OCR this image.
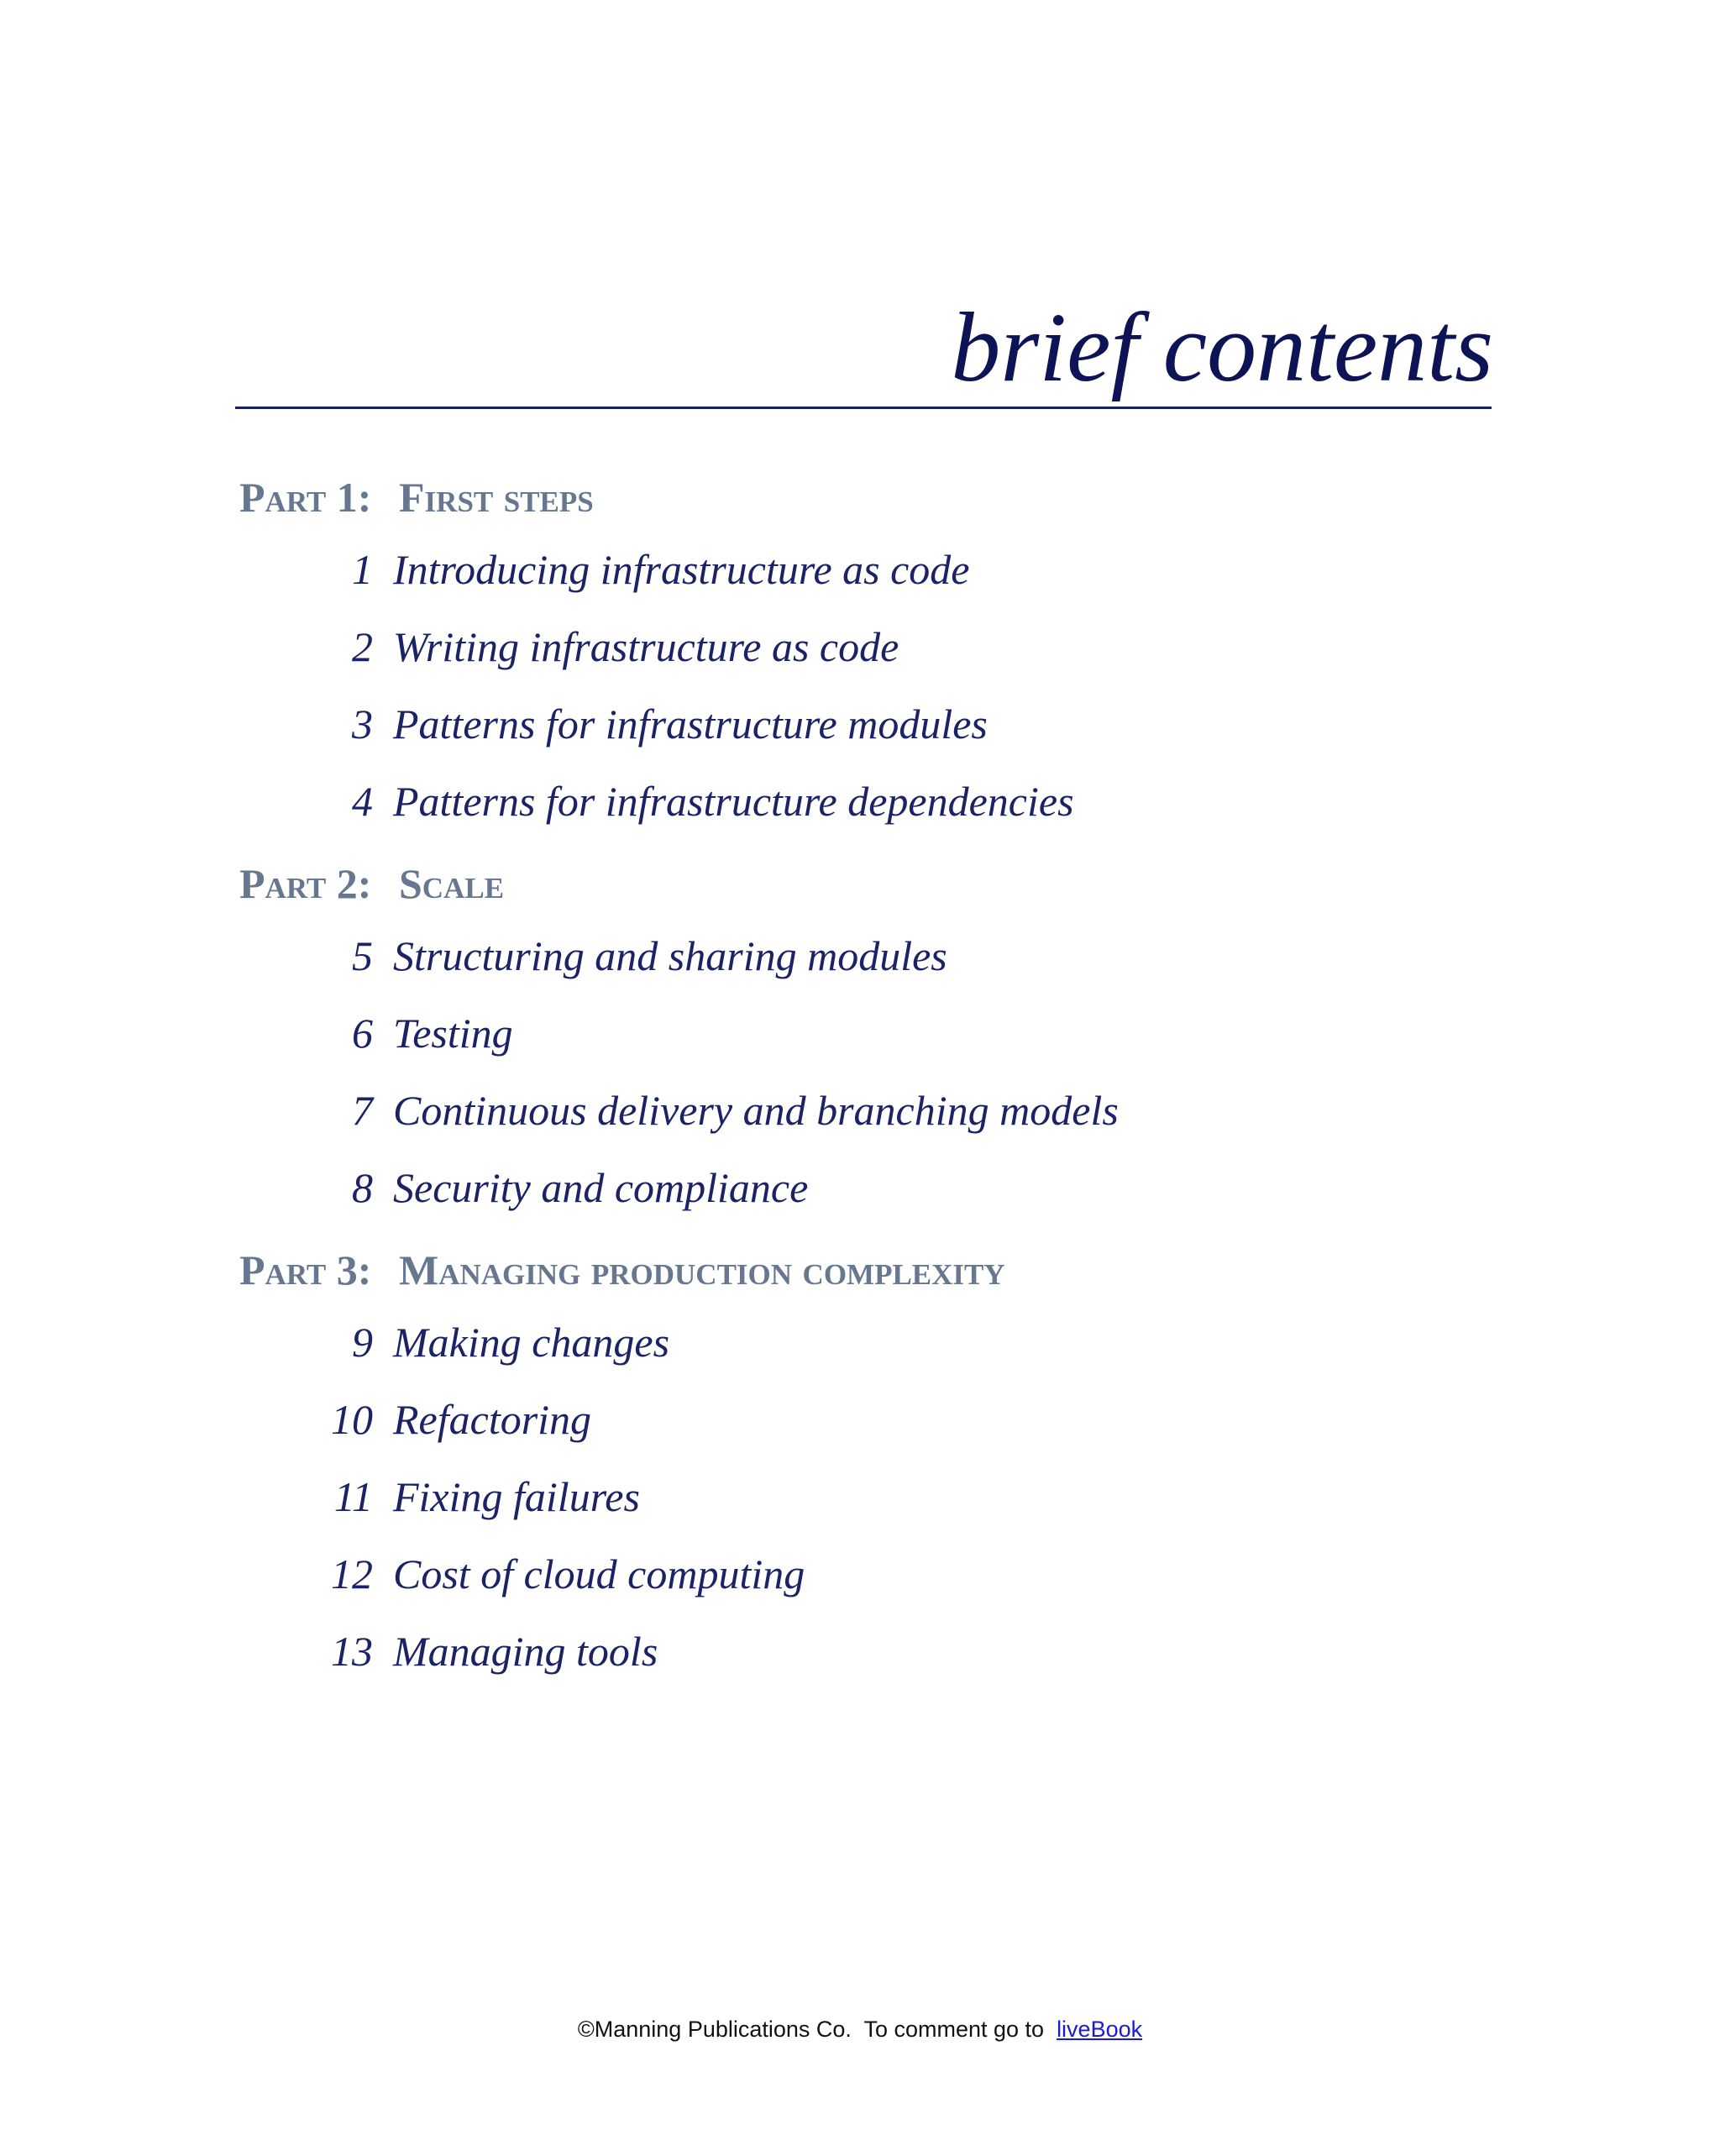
brief contents
Part 1: First steps
1 Introducing infrastructure as code
2 Writing infrastructure as code
3 Patterns for infrastructure modules
4 Patterns for infrastructure dependencies
Part 2: Scale
5 Structuring and sharing modules
6 Testing
7 Continuous delivery and branching models
8 Security and compliance
Part 3: Managing production complexity
9 Making changes
10 Refactoring
11 Fixing failures
12 Cost of cloud computing
13 Managing tools
©Manning Publications Co.  To comment go to  liveBook
